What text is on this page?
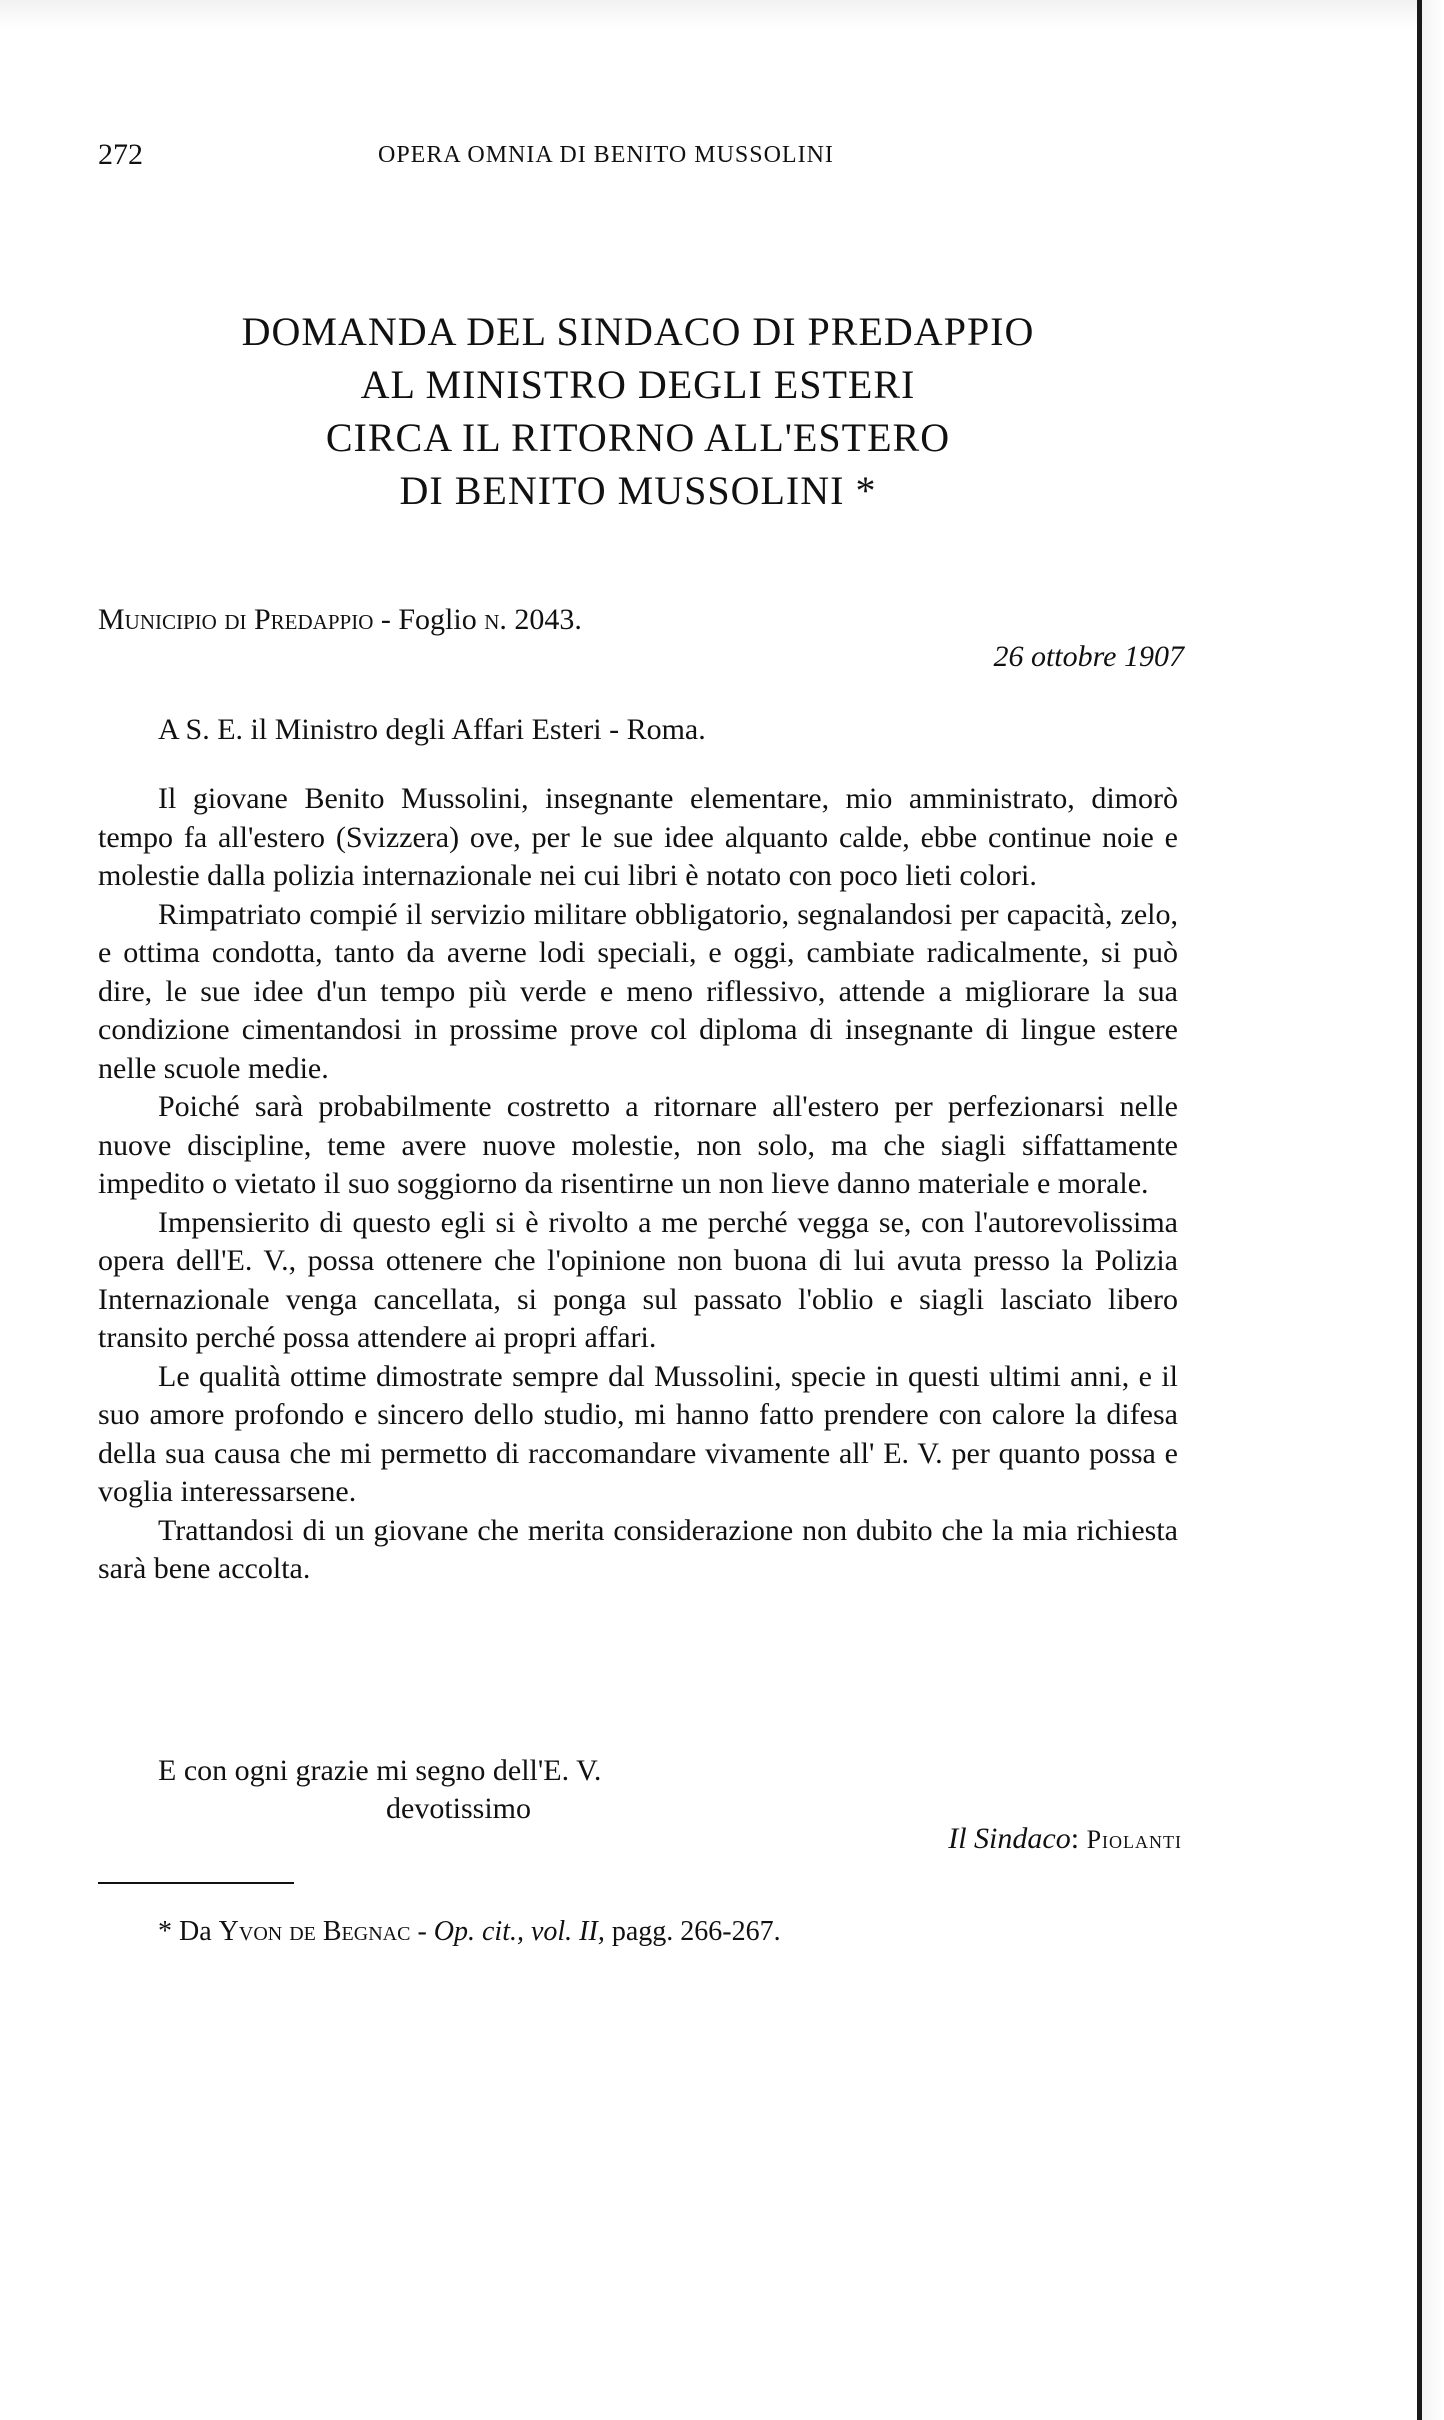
272	OPERA OMNIA DI BENITO MUSSOLINI
DOMANDA DEL SINDACO DI PREDAPPIO
AL MINISTRO DEGLI ESTERI
CIRCA IL RITORNO ALL'ESTERO
DI BENITO MUSSOLINI *
Municipio di Predappio - Foglio n. 2043.
26 ottobre 1907
A S. E. il Ministro degli Affari Esteri - Roma.

Il giovane Benito Mussolini, insegnante elementare, mio amministrato, dimorò tempo fa all'estero (Svizzera) ove, per le sue idee alquanto calde, ebbe continue noie e molestie dalla polizia internazionale nei cui libri è notato con poco lieti colori.

Rimpatriato compié il servizio militare obbligatorio, segnalandosi per capacità, zelo, e ottima condotta, tanto da averne lodi speciali, e oggi, cambiate radicalmente, si può dire, le sue idee d'un tempo più verde e meno riflessivo, attende a migliorare la sua condizione cimentandosi in prossime prove col diploma di insegnante di lingue estere nelle scuole medie.

Poiché sarà probabilmente costretto a ritornare all'estero per perfezionarsi nelle nuove discipline, teme avere nuove molestie, non solo, ma che siagli siffattamente impedito o vietato il suo soggiorno da risentirne un non lieve danno materiale e morale.

Impensierito di questo egli si è rivolto a me perché vegga se, con l'autorevolissima opera dell'E. V., possa ottenere che l'opinione non buona di lui avuta presso la Polizia Internazionale venga cancellata, si ponga sul passato l'oblio e siagli lasciato libero transito perché possa attendere ai propri affari.

Le qualità ottime dimostrate sempre dal Mussolini, specie in questi ultimi anni, e il suo amore profondo e sincero dello studio, mi hanno fatto prendere con calore la difesa della sua causa che mi permetto di raccomandare vivamente all' E. V. per quanto possa e voglia interessarsene.

Trattandosi di un giovane che merita considerazione non dubito che la mia richiesta sarà bene accolta.

E con ogni grazie mi segno dell'E. V.
devotissimo
Il Sindaco: Piolanti
* Da Yvon de Begnac - Op. cit., vol. II, pagg. 266-267.
